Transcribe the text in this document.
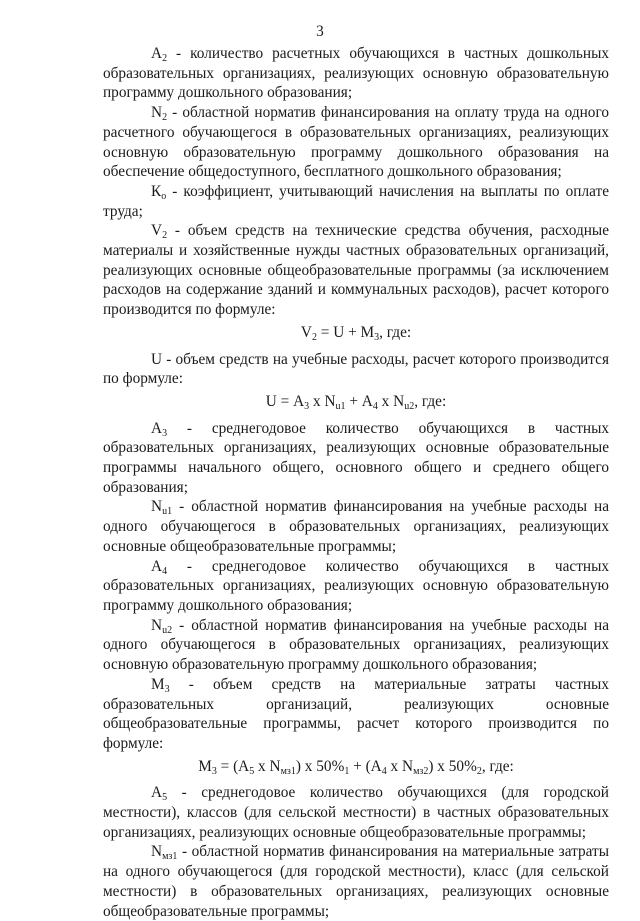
3

$А_2$ - количество расчетных обучающихся в частных дошкольных образовательных организациях, реализующих основную образовательную программу дошкольного образования;

$N_2$ - областной норматив финансирования на оплату труда на одного расчетного обучающегося в образовательных организациях, реализующих основную образовательную программу дошкольного образования на обеспечение общедоступного, бесплатного дошкольного образования;

$К_о$ - коэффициент, учитывающий начисления на выплаты по оплате труда;

$V_2$ - объем средств на технические средства обучения, расходные материалы и хозяйственные нужды частных образовательных организаций, реализующих основные общеобразовательные программы (за исключением расходов на содержание зданий и коммунальных расходов), расчет которого производится по формуле:

$V_2 = U + М_3$, где:

U - объем средств на учебные расходы, расчет которого производится по формуле:

$U = А_3$ х $N_{u1} + А_4$ х $N_{u2}$, где:

$А_3$ - среднегодовое количество обучающихся в частных образовательных организациях, реализующих основные образовательные программы начального общего, основного общего и среднего общего образования;

$N_{u1}$ - областной норматив финансирования на учебные расходы на одного обучающегося в образовательных организациях, реализующих основные общеобразовательные программы;

$А_4$ - среднегодовое количество обучающихся в частных образовательных организациях, реализующих основную образовательную программу дошкольного образования;

$N_{u2}$ - областной норматив финансирования на учебные расходы на одного обучающегося в образовательных организациях, реализующих основную образовательную программу дошкольного образования;

$М_3$ - объем средств на материальные затраты частных образовательных организаций, реализующих основные общеобразовательные программы, расчет которого производится по формуле:

$М_3 = (А_5$ х $N_{мз1}$) х $50\%_1 + (А_4$ х $N_{мз2}$) х $50\%_2$, где:

$А_5$ - среднегодовое количество обучающихся (для городской местности), классов (для сельской местности) в частных образовательных организациях, реализующих основные общеобразовательные программы;

$N_{мз1}$ - областной норматив финансирования на материальные затраты на одного обучающегося (для городской местности), класс (для сельской местности) в образовательных организациях, реализующих основные общеобразовательные программы;
